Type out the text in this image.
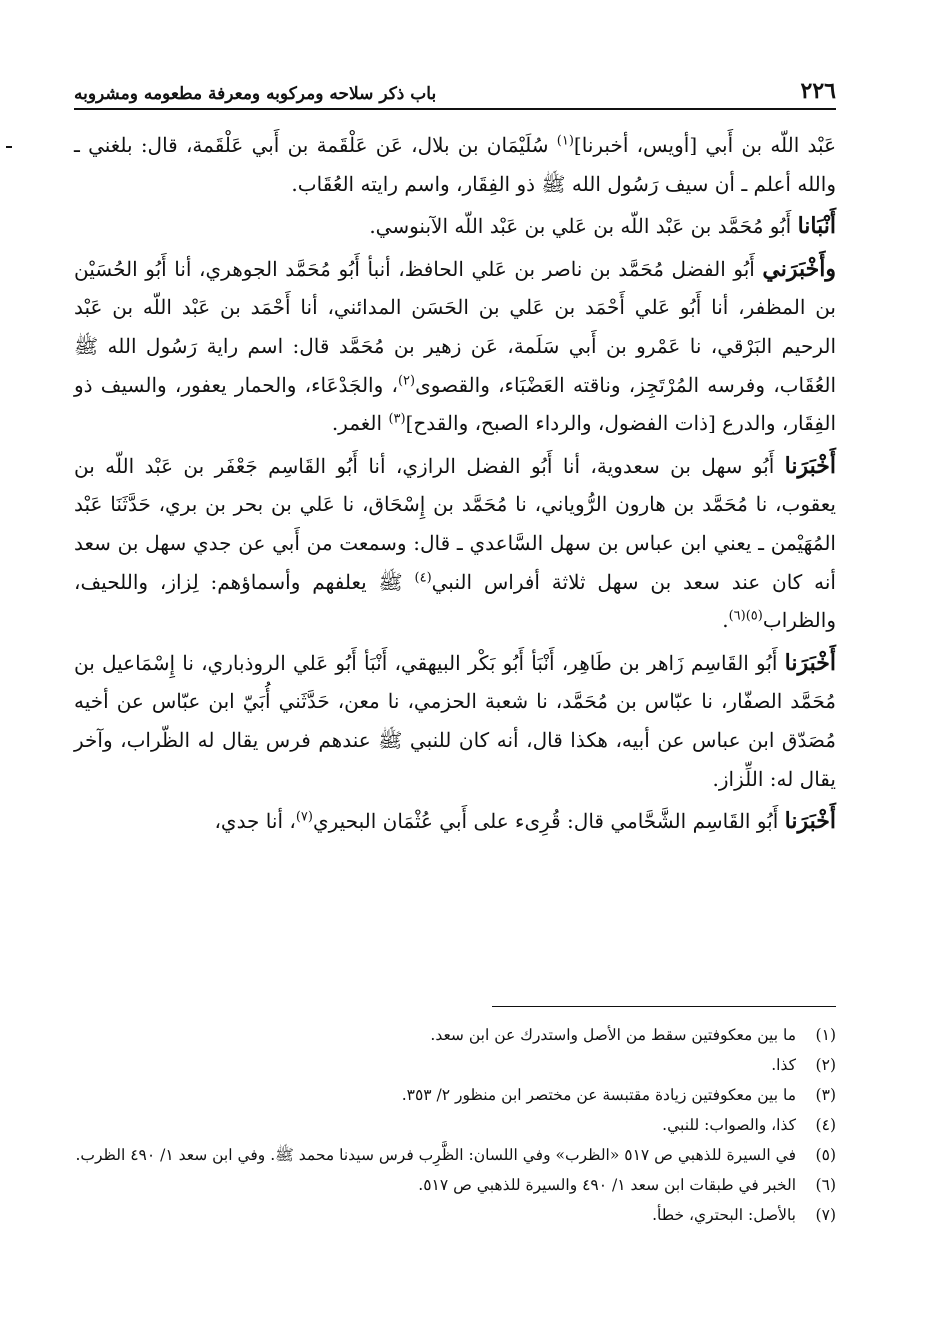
٢٢٦
باب ذكر سلاحه ومركوبه ومعرفة مطعومه ومشروبه

عَبْد اللّه بن أَبي [أويس، أخبرنا]$^{(١)}$ سُلَيْمَان بن بلال، عَن عَلْقَمة بن أَبي عَلْقَمة، قال: بلغني ـ والله أعلم ـ أن سيف رَسُول الله ﷺ ذو الفِقَار، واسم رايته العُقَاب.

أَنْبَانا أَبُو مُحَمَّد بن عَبْد اللّه بن عَلي بن عَبْد اللّه الآبنوسي.

وأَخْبَرَني أَبُو الفضل مُحَمَّد بن ناصر بن عَلي الحافظ، أنبأ أَبُو مُحَمَّد الجوهري، أنا أَبُو الحُسَيْن بن المظفر، أنا أَبُو عَلي أَحْمَد بن عَلي بن الحَسَن المدائني، أنا أَحْمَد بن عَبْد اللّه بن عَبْد الرحيم البَرْقي، نا عَمْرو بن أَبي سَلَمة، عَن زهير بن مُحَمَّد قال: اسم راية رَسُول الله ﷺ العُقَاب، وفرسه المُرْتَجِز، وناقته العَضْبَاء، والقصوى$^{(٢)}$، والجَدْعَاء، والحمار يعفور، والسيف ذو الفِقَار، والدرع [ذات الفضول، والرداء الصبح، والقدح]$^{(٣)}$ الغمر.

أَخْبَرَنا أَبُو سهل بن سعدوية، أنا أَبُو الفضل الرازي، أنا أَبُو القَاسِم جَعْفَر بن عَبْد اللّه بن يعقوب، نا مُحَمَّد بن هارون الرُّوياني، نا مُحَمَّد بن إِسْحَاق، نا عَلي بن بحر بن بري، حَدَّثَنَا عَبْد المُهَيْمن ـ يعني ابن عباس بن سهل السَّاعدي ـ قال: وسمعت من أَبي عن جدي سهل بن سعد أنه كان عند سعد بن سهل ثلاثة أفراس النبي$^{(٤)}$ ﷺ يعلفهم وأسماؤهم: لِزاز، واللحيف، والظراب$^{(٥)(٦)}$.

أَخْبَرَنا أَبُو القَاسِم زَاهر بن طَاهِر، أَنْبَأ أَبُو بَكْر البيهقي، أَنْبَأ أَبُو عَلي الروذباري، نا إِسْمَاعيل بن مُحَمَّد الصفّار، نا عبّاس بن مُحَمَّد، نا شعبة الحزمي، نا معن، حَدَّثَني أُبَيّ ابن عبّاس عن أخيه مُصَدّق ابن عباس عن أبيه، هكذا قال، أنه كان للنبي ﷺ عندهم فرس يقال له الظّراب، وآخر يقال له: اللِّزاز.

أَخْبَرَنا أَبُو القَاسِم الشَّحَّامي قال: قُرِىء على أَبي عُثْمَان البحيري$^{(٧)}$، أنا جدي،

(١)
ما بين معكوفتين سقط من الأصل واستدرك عن ابن سعد.
(٢)
كذا.
(٣)
ما بين معكوفتين زيادة مقتبسة عن مختصر ابن منظور ٢/ ٣٥٣.
(٤)
كذا، والصواب: للنبي.
(٥)
في السيرة للذهبي ص ٥١٧ «الظرب» وفي اللسان: الظَّرِب فرس سيدنا محمد ﷺ. وفي ابن سعد ١/ ٤٩٠ الظرب.
(٦)
الخبر في طبقات ابن سعد ١/ ٤٩٠ والسيرة للذهبي ص ٥١٧.
(٧)
بالأصل: البحتري، خطأ.
